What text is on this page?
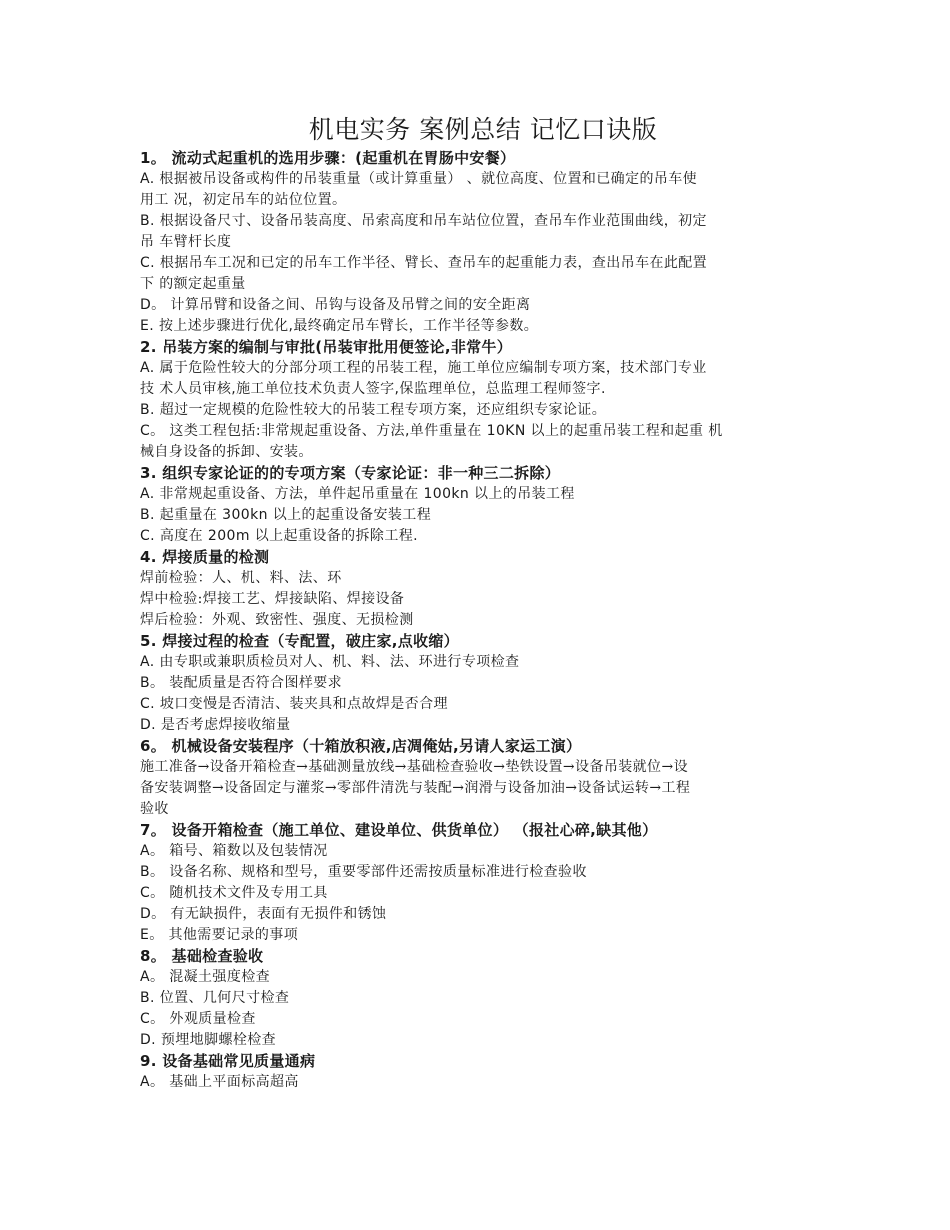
机电实务 案例总结 记忆口诀版
1。 流动式起重机的选用步骤：(起重机在胃肠中安餐）
A. 根据被吊设备或构件的吊装重量（或计算重量） 、就位高度、位置和已确定的吊车使
用工 况，初定吊车的站位位置。
B. 根据设备尺寸、设备吊装高度、吊索高度和吊车站位位置，查吊车作业范围曲线，初定
吊 车臂杆长度
C. 根据吊车工况和已定的吊车工作半径、臂长、查吊车的起重能力表，查出吊车在此配置
下 的额定起重量
D。 计算吊臂和设备之间、吊钩与设备及吊臂之间的安全距离
E. 按上述步骤进行优化,最终确定吊车臂长，工作半径等参数。
2. 吊装方案的编制与审批(吊装审批用便签论,非常牛）
A. 属于危险性较大的分部分项工程的吊装工程，施工单位应编制专项方案，技术部门专业
技 术人员审核,施工单位技术负责人签字,保监理单位，总监理工程师签字.
B. 超过一定规模的危险性较大的吊装工程专项方案，还应组织专家论证。
C。 这类工程包括:非常规起重设备、方法,单件重量在 10KN 以上的起重吊装工程和起重 机
械自身设备的拆卸、安装。
3. 组织专家论证的的专项方案（专家论证：非一种三二拆除）
A. 非常规起重设备、方法，单件起吊重量在 100kn 以上的吊装工程
B. 起重量在 300kn 以上的起重设备安装工程
C. 高度在 200m 以上起重设备的拆除工程.
4. 焊接质量的检测
焊前检验：人、机、料、法、环
焊中检验:焊接工艺、焊接缺陷、焊接设备
焊后检验：外观、致密性、强度、无损检测
5. 焊接过程的检查（专配置，破庄家,点收缩）
A. 由专职或兼职质检员对人、机、料、法、环进行专项检查
B。 装配质量是否符合图样要求
C. 坡口变慢是否清洁、装夹具和点故焊是否合理
D. 是否考虑焊接收缩量
6。 机械设备安装程序（十箱放积液,店凋俺姑,另请人家运工演）
施工准备→设备开箱检查→基础测量放线→基础检查验收→垫铁设置→设备吊装就位→设
备安装调整→设备固定与灌浆→零部件清洗与装配→润滑与设备加油→设备试运转→工程
验收
7。 设备开箱检查（施工单位、建设单位、供货单位） （报社心碎,缺其他）
A。 箱号、箱数以及包装情况
B。 设备名称、规格和型号，重要零部件还需按质量标准进行检查验收
C。 随机技术文件及专用工具
D。 有无缺损件，表面有无损件和锈蚀
E。 其他需要记录的事项
8。 基础检查验收
A。 混凝土强度检查
B. 位置、几何尺寸检查
C。 外观质量检查
D. 预埋地脚螺栓检查
9. 设备基础常见质量通病
A。 基础上平面标高超高
